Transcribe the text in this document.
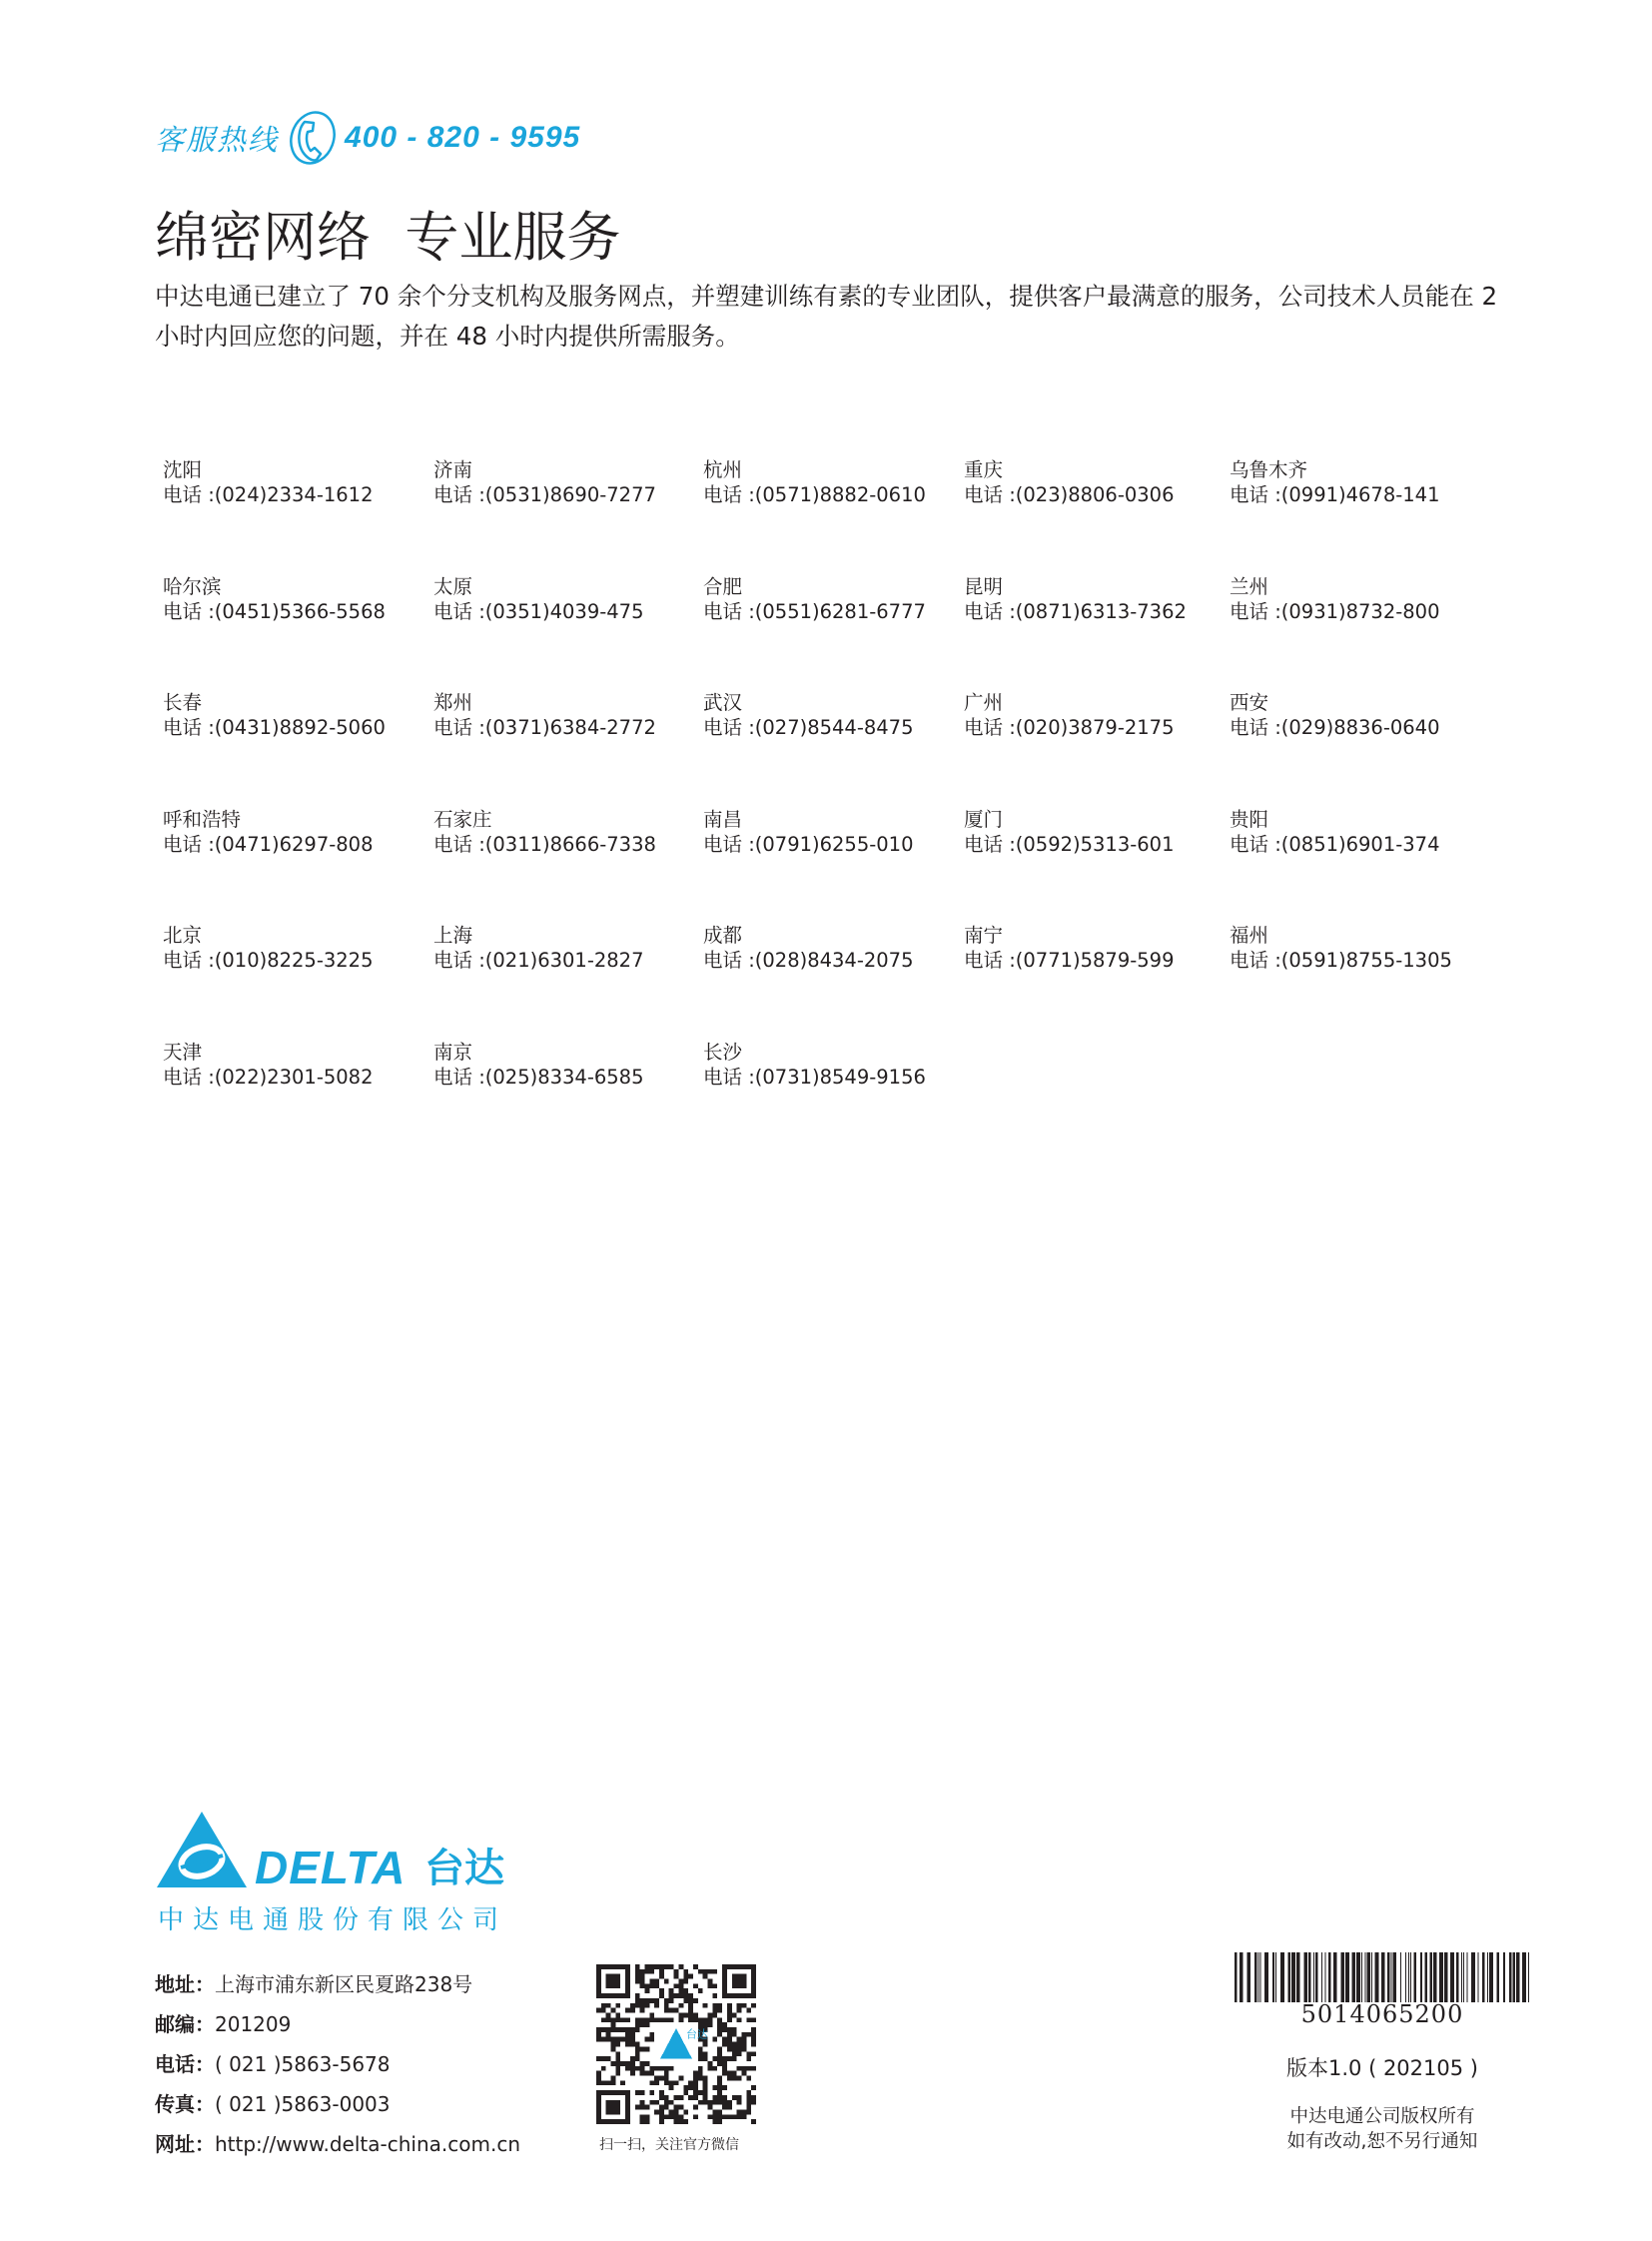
客服热线 400 - 820 - 9595
绵密网络  专业服务

中达电通已建立了 70 余个分支机构及服务网点，并塑建训练有素的专业团队，提供客户最满意的服务，公司技术人员能在 2 小时内回应您的问题，并在 48 小时内提供所需服务。

沈阳
电话 :(024)2334-1612
济南
电话 :(0531)8690-7277
杭州
电话 :(0571)8882-0610
重庆
电话 :(023)8806-0306
乌鲁木齐
电话 :(0991)4678-141
哈尔滨
电话 :(0451)5366-5568
太原
电话 :(0351)4039-475
合肥
电话 :(0551)6281-6777
昆明
电话 :(0871)6313-7362
兰州
电话 :(0931)8732-800
长春
电话 :(0431)8892-5060
郑州
电话 :(0371)6384-2772
武汉
电话 :(027)8544-8475
广州
电话 :(020)3879-2175
西安
电话 :(029)8836-0640
呼和浩特
电话 :(0471)6297-808
石家庄
电话 :(0311)8666-7338
南昌
电话 :(0791)6255-010
厦门
电话 :(0592)5313-601
贵阳
电话 :(0851)6901-374
北京
电话 :(010)8225-3225
上海
电话 :(021)6301-2827
成都
电话 :(028)8434-2075
南宁
电话 :(0771)5879-599
福州
电话 :(0591)8755-1305
天津
电话 :(022)2301-5082
南京
电话 :(025)8334-6585
长沙
电话 :(0731)8549-9156
DELTA 台达
中达电通股份有限公司
地址： 上海市浦东新区民夏路238号
邮编： 201209
电话： ( 021 )5863-5678
传真： ( 021 )5863-0003
网址： http://www.delta-china.com.cn
台达
扫一扫，关注官方微信
5014065200
版本1.0 ( 202105 )
中达电通公司版权所有
如有改动,恕不另行通知
